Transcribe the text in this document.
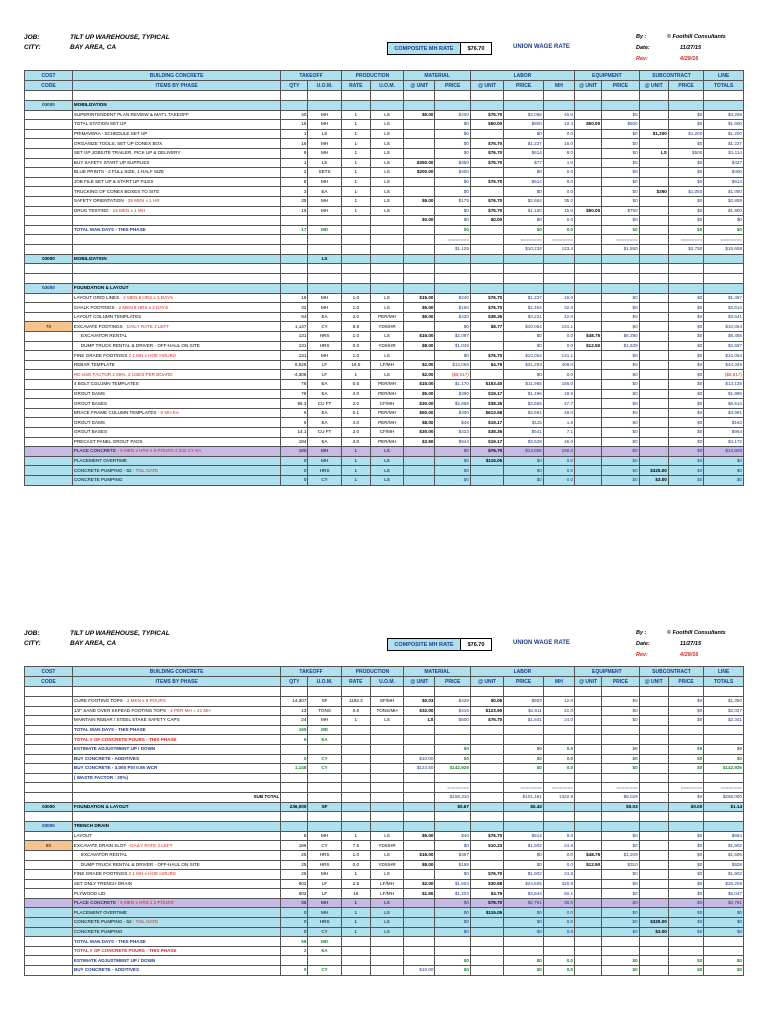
JOB:	TILT UP WAREHOUSE, TYPICAL
CITY:	BAY AREA, CA	COMPOSITE MH RATE	$76.70	UNION WAGE RATE
By :	© Foothill Consultants
Date:	11/27/15
Rev:	4/29/16
COST	BUILDING CONCRETE	TAKEOFF		PRODUCTION		MATERIAL		LABOR			EQUIPMENT		SUBCONTRACT		LINE
CODE	ITEMS BY PHASE	QTY	U.O.M.	RATE	U.O.M.	@ UNIT	PRICE	@ UNIT	PRICE	MH	@ UNIT	PRICE	@ UNIT	PRICE	TOTALS

03000	MOBILIZATION														
	SUPERINTENDENT PLAN REVIEW & MAT'L TAKEOFF	40	MH	1	LS	$5.00	$200	$76.70	$3,068	40.0		$0		$0	$3,268
	TOTAL STATION SET UP	16	MH	1	LS		$0	$50.00	$800	10.4	$50.00	$800		$0	$1,600
	PRIMAVERA - SCHEDULE SET UP	1	LS	1	LS		$0		$0	0.0		$0	$1,200	$1,200	$1,200
	ORGANIZE TOOLS, SET UP CONEX BOX	16	MH	1	LS		$0	$76.70	$1,227	16.0		$0		$0	$1,227
	SET UP JOBSITE TRAILER, PICK UP & DELIVERY	8	MH	1	LS		$0	$76.70	$614	8.0		$0	LS	$500	$1,114
	BUY SAFETY START UP SUPPLIES	1	LS	1	LS	$350.00	$350	$76.70	$77	1.0		$0		$0	$427
	BLUE PRINTS - 2 FULL SIZE, 1 HALF SIZE	2	SETS	1	LS	$200.00	$400		$0	0.0		$0		$0	$400
	JOB FILE SET UP & START UP FILES	8	MH	1	LS		$0	$76.70	$614	8.0		$0		$0	$614
	TRUCKING OF CONEX BOXES TO SITE	3	EA	1	LS		$0		$0	0.0		$0	$350	$1,050	$1,050
	SAFETY ORIENTATION - 35 MEN x 1 HR	35	MH	1	LS	$5.00	$175	$76.70	$2,684	35.0		$0		$0	$2,859
	DRUG TESTING - 15 MEN x 1 MH	15	MH	1	LS		$0	$76.70	$1,150	15.0	$50.00	$750		$0	$1,900
						$0.00	$0	$0.00	$0	0.0		$0		$0	$0
	TOTAL MAN DAYS - THIS PHASE	17	MD				$0		$0	0.0		$0		$0	$0
							========		========	========		========		========	========
							$1,125		$10,234	133.4		$1,550		$2,750	$15,659
03000	MOBILIZATION		LS												

03000	FOUNDATION & LAYOUT														
	LAYOUT GRID LINES - 2 MEN 8 HRS x 1 DAYS	16	MH	1.0	LS	$15.00	$240	$76.70	$1,227	16.0		$0		$0	$1,467
	CHALK FOOTINGS - 2 MEN 8 HRS x 2 DAYS	32	MH	1.0	LS	$5.00	$160	$76.70	$2,454	32.0		$0		$0	$2,614
	LAYOUT COLUMN TEMPLATES	84	EA	2.0	PER/MH	$5.00	$420	$38.35	$3,221	42.0		$0		$0	$3,641
70	EXCAVATE FOOTINGS - DAILY RATE ≠ LEFT	1,147	CY	8.8	YDS/HR		$0	$8.77	$10,054	131.1		$0		$0	$10,054
	EXCAVATOR RENTAL	131	HRS	1.0	LS	$16.00	$2,097		$0	0.0	$48.75	$6,390		$0	$8,488
	DUMP TRUCK RENTAL & DRIVER - OFF-HAUL ON SITE	131	HRS	0.0	YDS/HR	$8.00	$1,049		$0	0.0	$12.50	$1,639		$0	$2,687
	FINE GRADE FOOTINGS ≠ 1 MH x HOE HOURS	131	MH	1.0	LS		$0	$76.70	$10,054	131.1		$0		$0	$10,054
	REBAR TEMPLATE	6,528	LF	16.0	LF/MH	$2.00	$13,056	$4.79	$31,293	408.0		$0		$0	$44,349
	RE-USE FACTOR ≠ 66%, 3 USES PER BOARD	-4,308	LF	1	LS	$2.00	($8,617)		$0	0.0		$0		$0	($8,617)
	4 BOLT COLUMN TEMPLATES	78	EA	0.5	PER/MH	$15.00	$1,170	$153.40	$11,965	156.0		$0		$0	$13,135
	GROUT DAMS	78	EA	4.0	PER/MH	$5.00	$390	$19.17	$1,496	19.5		$0		$0	$1,886
	GROUT BASES	95.3	CU FT	2.0	CF/MH	$30.00	$2,859	$38.35	$3,655	47.7		$0		$0	$6,514
	BRACE FRAME COLUMN TEMPLATES - 8 MH EA	6	EA	0.1	PER/MH	$50.00	$300	$613.58	$3,681	48.0		$0		$0	$3,981
	GROUT DAMS	6	EA	4.0	PER/MH	$8.00	$48	$19.17	$115	1.5		$0		$0	$163
	GROUT BASES	14.1	CU FT	2.0	CF/MH	$30.00	$423	$38.35	$541	7.1		$0		$0	$964
	PRECAST PANEL GROUT PADS	184	EA	4.0	PER/MH	$3.50	$644	$19.17	$3,528	46.0		$0		$0	$4,172
	PLACE CONCRETE - 5 MEN x HRS x 6 POURS ≠ 200 CY EA	180	MH	1	LS		$0	$76.70	$13,806	180.0		$0		$0	$13,806
	PLACEMENT OVERTIME	0	MH	1	LS		$0	$115.05	$0	0.0		$0		$0	$0
	CONCRETE PUMPING - 52 - TAIL GATE	0	HRS	1	LS		$0		$0	0.0		$0	$325.00	$0	$0
	CONCRETE PUMPING	0	CY	1	LS		$0		$0	0.0		$0	$3.00	$0	$0
JOB:	TILT UP WAREHOUSE, TYPICAL
CITY:	BAY AREA, CA	COMPOSITE MH RATE	$76.70	UNION WAGE RATE
By :	© Foothill Consultants
Date:	11/27/15
Rev:	4/29/16
COST	BUILDING CONCRETE	TAKEOFF		PRODUCTION		MATERIAL		LABOR			EQUIPMENT		SUBCONTRACT		LINE
CODE	ITEMS BY PHASE	QTY	U.O.M.	RATE	U.O.M.	@ UNIT	PRICE	@ UNIT	PRICE	MH	@ UNIT	PRICE	@ UNIT	PRICE	TOTALS

	CURE FOOTING TOPS - 2 MEN x 6 POURS	14,307	SF	1192.3	SF/MH	$0.03	$429	$0.06	$920	12.0		$0		$0	$1,350
	1/2" SAND OVER SKPEAD FOOTING TOPS - 4 PER MH = 21 MH	13	TONS	0.6	TONS/MH	$32.00	$416	$123.90	$1,611	21.0		$0		$0	$2,027
	MAINTAIN REBAR / STEEL STAKE SAFETY CAPS	24	MH	1	LS	LS	$500	$76.70	$1,841	24.0		$0		$0	$2,341
	TOTAL MAN DAYS - THIS PHASE	165	MD												
	TOTAL # OF CONCRETE POURS - THIS PHASE	6	EA												
	ESTIMATE ADJUSTMENT UP / DOWN						$0		$0	0.0		$0		$0	$0
	BUY CONCRETE - ADDITIVES	0	CY			$10.00	$0		$0	0.0		$0		$0	$0
	BUY CONCRETE - 3,000 PSI 0.55 WCR	1,148	CY			$124.50	$142,926		$0	0.0		$0		$0	$142,926
	( WASTE FACTOR : 20%)														
							========		========	========		========		========	========
	SUB TOTAL						$158,310		$101,461	1322.9		$8,029		$0	$268,000
03000	FOUNDATION & LAYOUT	236,000	SF				$0.67		$0.43			$0.03		$0.00	$1.14

03000	TRENCH DRAIN														
	LAYOUT	8	MH	1	LS	$5.00	$40	$76.70	$614	8.0		$0		$0	$654
60	EXCAVATE DRAIN SLOT - DAILY RATE ≠ LEFT	186	CY	7.5	YDS/HR		$0	$10.23	$1,902	24.8		$0		$0	$1,902
	EXCAVATOR RENTAL	25	HRS	1.0	LS	$16.00	$397		$0	0.0	$48.75	$1,209		$0	$1,606
	DUMP TRUCK RENTAL & DRIVER - OFF-HAUL ON SITE	25	HRS	0.0	YDS/HR	$8.00	$198		$0	0.0	$12.50	$310		$0	$508
	FINE GRADE FOOTINGS ≠ 1 MH x HOE HOURS	25	MH	1	LS		$0	$76.70	$1,902	24.8		$0		$0	$1,902
	SET ONLY TRENCH DRAIN	802	LF	2.5	LF/MH	$2.00	$1,604	$30.68	$24,605	320.8		$0		$0	$26,209
	PLYWOOD LID	802	LF	16	LF/MH	$1.50	$1,203	$4.79	$3,844	50.1		$0		$0	$5,047
	PLACE CONCRETE - 5 MEN x HRS x 2 POURS	36	MH	1	LS		$0	$76.70	$2,761	36.0		$0		$0	$2,761
	PLACEMENT OVERTIME	0	MH	1	LS		$0	$115.05	$0	0.0		$0		$0	$0
	CONCRETE PUMPING - 52 - TAIL GATE	0	HRS	1	LS		$0		$0	0.0		$0	$325.00	$0	$0
	CONCRETE PUMPING	0	CY	1	LS		$0		$0	0.0		$0	$3.00	$0	$0
	TOTAL MAN DAYS - THIS PHASE	58	MD												
	TOTAL # OF CONCRETE POURS - THIS PHASE	2	EA												
	ESTIMATE ADJUSTMENT UP / DOWN						$0		$0	0.0		$0		$0	$0
	BUY CONCRETE - ADDITIVES	0	CY			$10.00	$0		$0	0.0		$0		$0	$0
